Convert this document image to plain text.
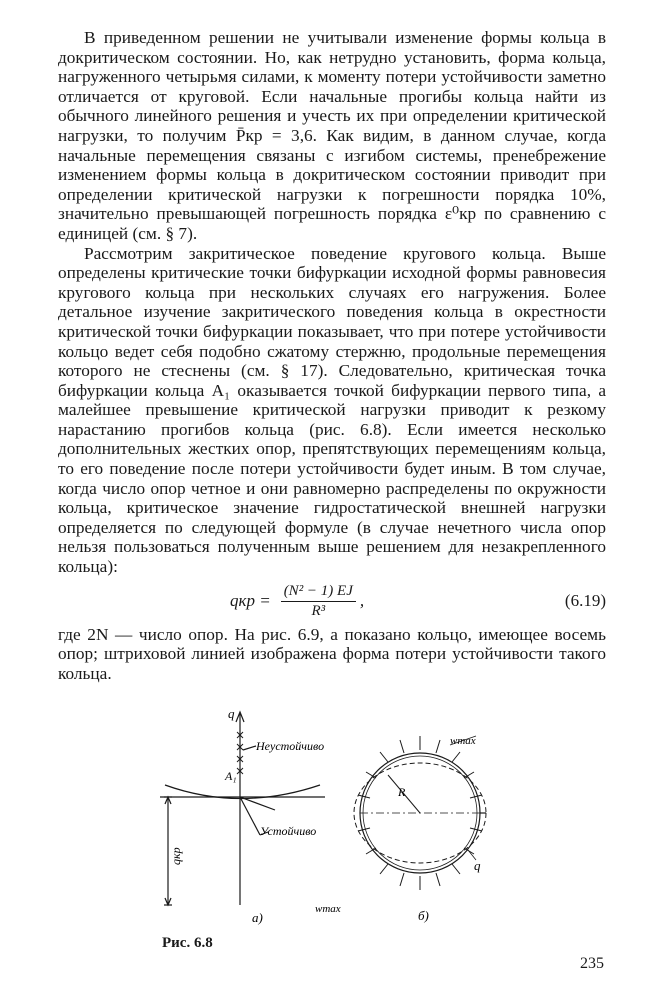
В приведенном решении не учитывали изменение формы кольца в докритическом состоянии. Но, как нетрудно установить, форма кольца, нагруженного четырьмя силами, к моменту потери устойчивости заметно отличается от круговой. Если начальные прогибы кольца найти из обычного линейного решения и учесть их при определении критической нагрузки, то получим P̄кр = 3,6. Как видим, в данном случае, когда начальные перемещения связаны с изгибом системы, пренебрежение изменением формы кольца в докритическом состоянии приводит при определении критической нагрузки к погрешности порядка 10%, значительно превышающей погрешность порядка ε⁰кр по сравнению с единицей (см. § 7).

Рассмотрим закритическое поведение кругового кольца. Выше определены критические точки бифуркации исходной формы равновесия кругового кольца при нескольких случаях его нагружения. Более детальное изучение закритического поведения кольца в окрестности критической точки бифуркации показывает, что при потере устойчивости кольцо ведет себя подобно сжатому стержню, продольные перемещения которого не стеснены (см. § 17). Следовательно, критическая точка бифуркации кольца A₁ оказывается точкой бифуркации первого типа, а малейшее превышение критической нагрузки приводит к резкому нарастанию прогибов кольца (рис. 6.8). Если имеется несколько дополнительных жестких опор, препятствующих перемещениям кольца, то его поведение после потери устойчивости будет иным. В том случае, когда число опор четное и они равномерно распределены по окружности кольца, критическое значение гидростатической внешней нагрузки определяется по следующей формуле (в случае нечетного числа опор нельзя пользоваться полученным выше решением для незакрепленного кольца):

qкр = $\frac{\text{(N² − 1) EJ}}{\text{R³}}$ ,	(6.19)

где 2N — число опор. На рис. 6.9, a показано кольцо, имеющее восемь опор; штриховой линией изображена форма потери устойчивости такого кольца.

q
Неустойчиво
A₁
Устойчиво
qкр
а)
wmax
R
wmax
q
б)
Рис. 6.8
235
